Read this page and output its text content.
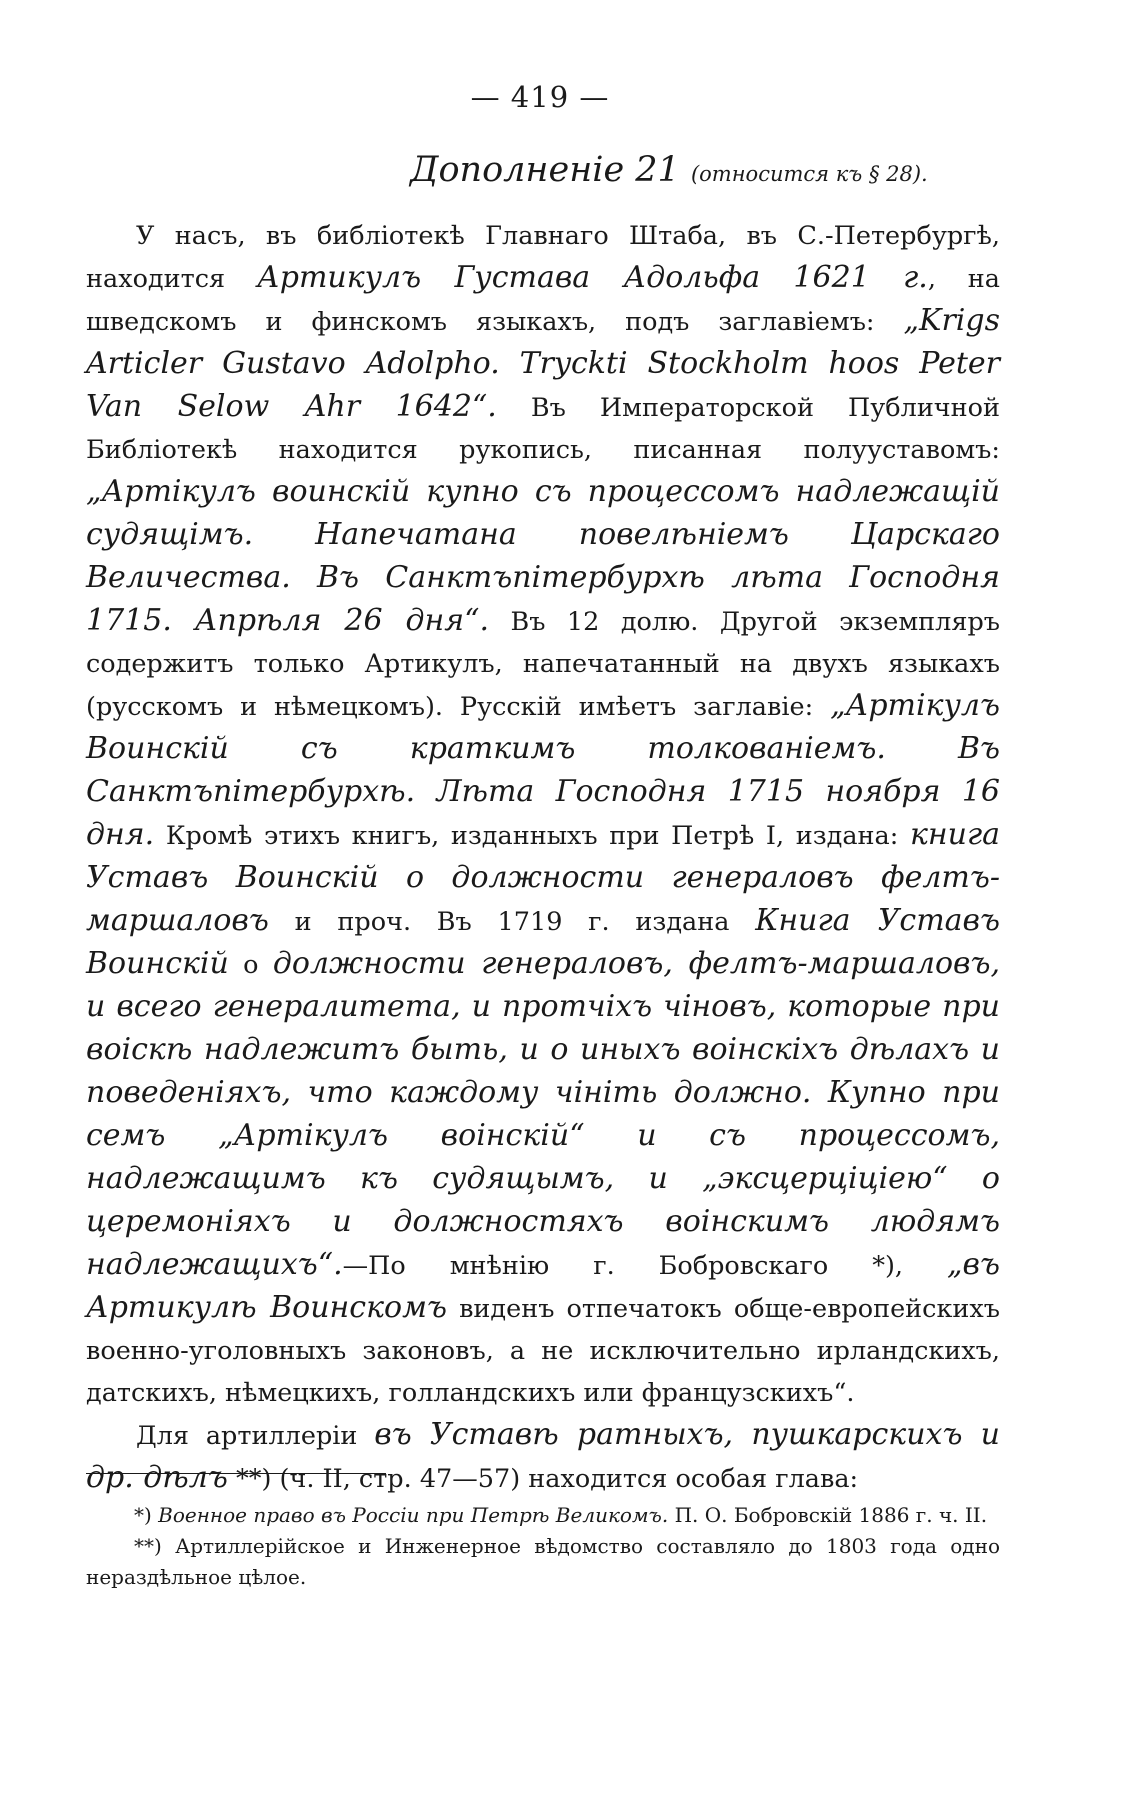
— 419 —
Дополненіе 21 (относится къ § 28).

У насъ, въ библіотекѣ Главнаго Штаба, въ С.-Петербургѣ, находится Артикулъ Густава Адольфа 1621 г., на шведскомъ и финскомъ языкахъ, подъ заглавіемъ: „Krigs Articler Gustavo Adolpho. Tryckti Stockholm hoos Peter Van Selow Ahr 1642“. Въ Императорской Публичной Библіотекѣ находится рукопись, писанная полууставомъ: „Артікулъ воинскій купно съ процессомъ надлежащій судящімъ. Напечатана повелѣніемъ Царскаго Величества. Въ Санктъпітербурхѣ лѣта Господня 1715. Апрѣля 26 дня“. Въ 12 долю. Другой экземпляръ содержитъ только Артикулъ, напечатанный на двухъ языкахъ (русскомъ и нѣмецкомъ). Русскій имѣетъ заглавіе: „Артікулъ Воинскій съ краткимъ толкованіемъ. Въ Санктъпітербурхѣ. Лѣта Господня 1715 ноября 16 дня. Кромѣ этихъ книгъ, изданныхъ при Петрѣ I, издана: книга Уставъ Воинскій о должности генераловъ фелтъ-маршаловъ и проч. Въ 1719 г. издана Книга Уставъ Воинскій о должности генераловъ, фелтъ-маршаловъ, и всего генералитета, и протчіхъ чіновъ, которые при воіскѣ надлежитъ быть, и о иныхъ воінскіхъ дѣлахъ и поведеніяхъ, что каждому чініть должно. Купно при семъ „Артікулъ воінскій“ и съ процессомъ, надлежащимъ къ судящымъ, и „эксцерціціею“ о церемоніяхъ и должностяхъ воінскимъ людямъ надлежащихъ“.—По мнѣнію г. Бобровскаго *), „въ Артикулѣ Воинскомъ виденъ отпечатокъ обще-европейскихъ военно-уголовныхъ законовъ, а не исключительно ирландскихъ, датскихъ, нѣмецкихъ, голландскихъ или французскихъ“.

Для артиллеріи въ Уставѣ ратныхъ, пушкарскихъ и др. дѣлъ **) (ч. II, стр. 47—57) находится особая глава:

*) Военное право въ Россіи при Петрѣ Великомъ. П. О. Бобровскій 1886 г. ч. II.

**) Артиллерійское и Инженерное вѣдомство составляло до 1803 года одно нераздѣльное цѣлое.
